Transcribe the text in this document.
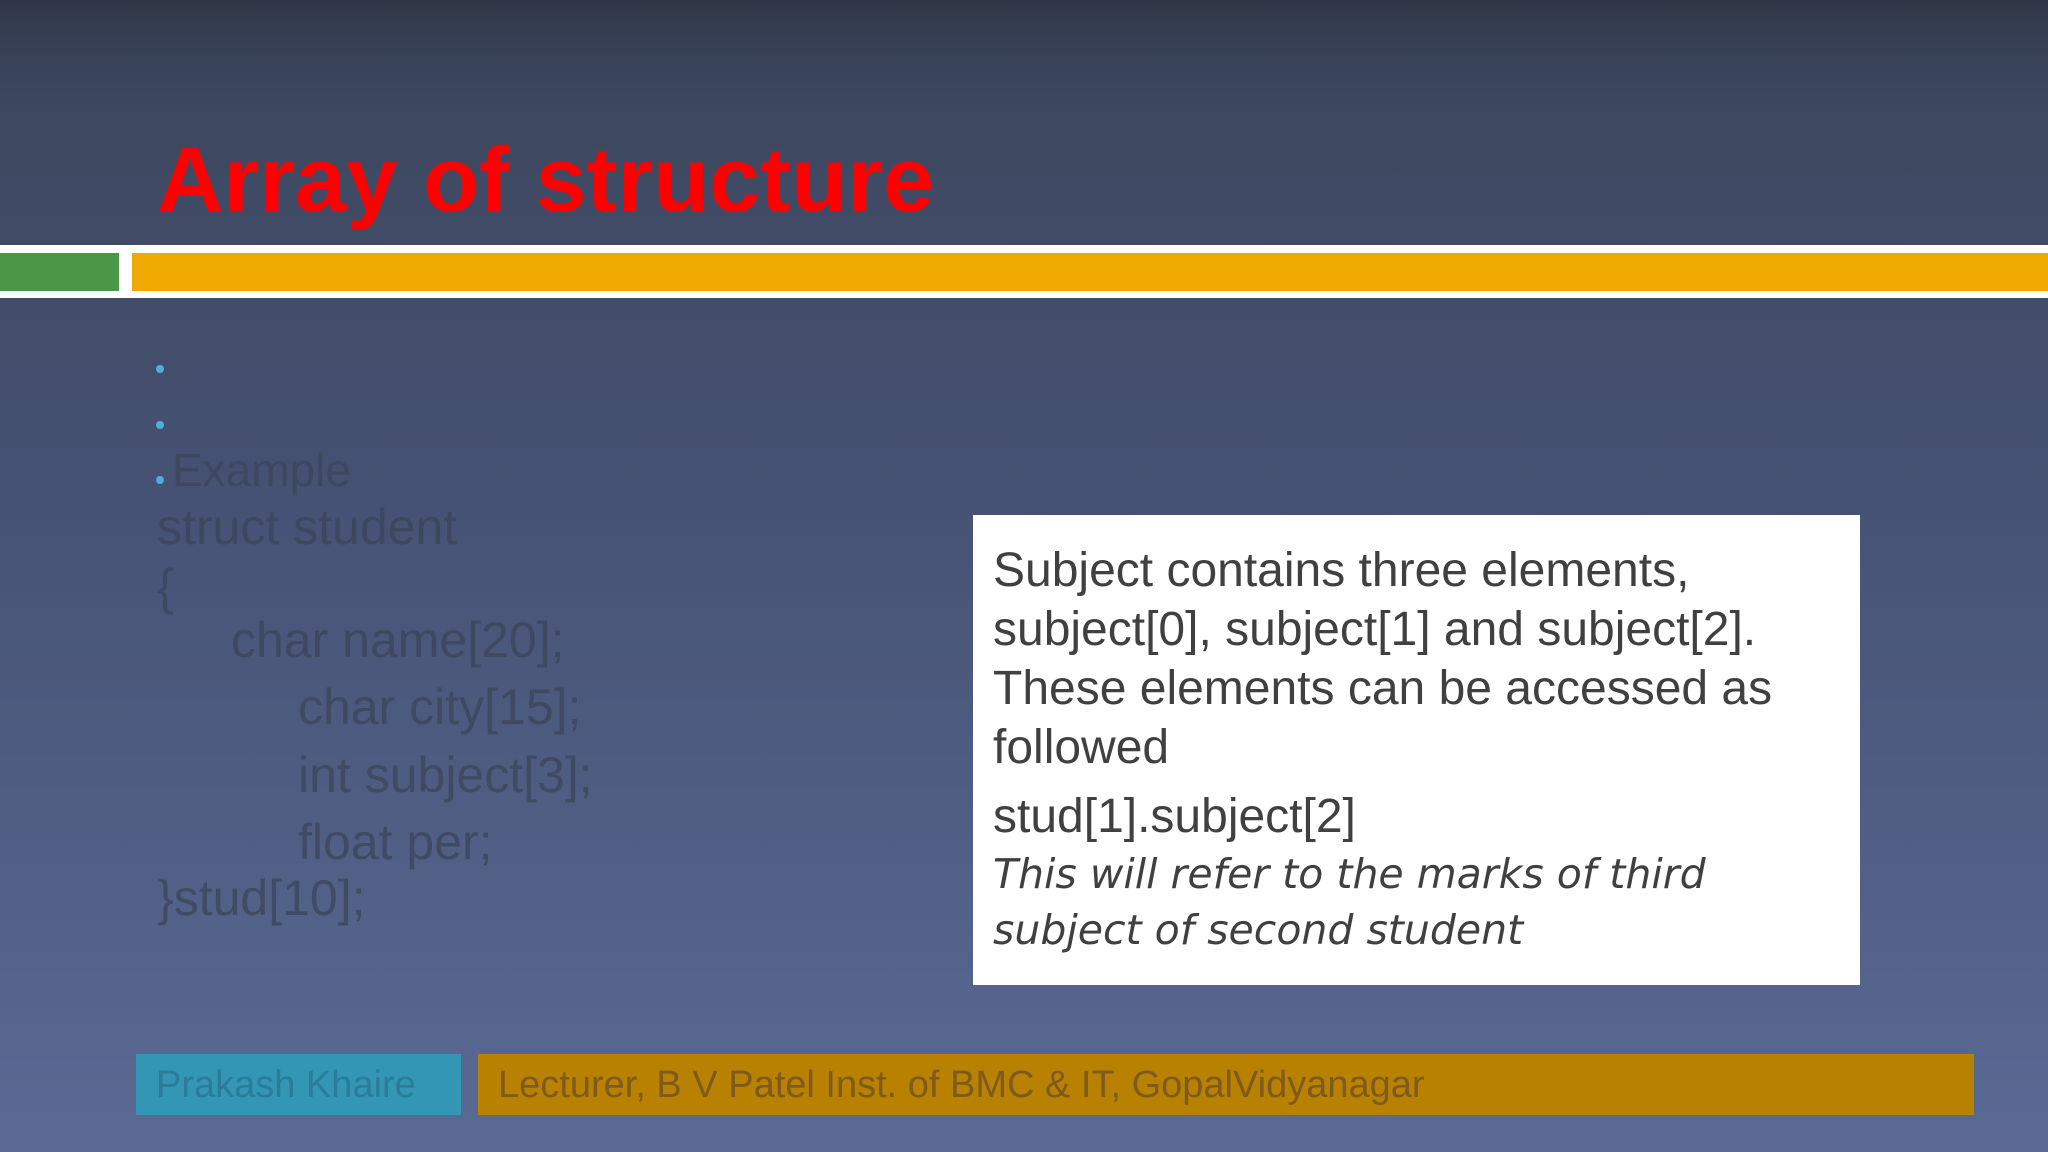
Array of structure
Example
struct student
{
char name[20];
char city[15];
int subject[3];
float per;
}stud[10];
Subject contains three elements, subject[0], subject[1] and subject[2]. These elements can be accessed as followed
stud[1].subject[2]
This will refer to the marks of third subject of second student
Prakash Khaire	Lecturer, B V Patel Inst. of BMC & IT, GopalVidyanagar
